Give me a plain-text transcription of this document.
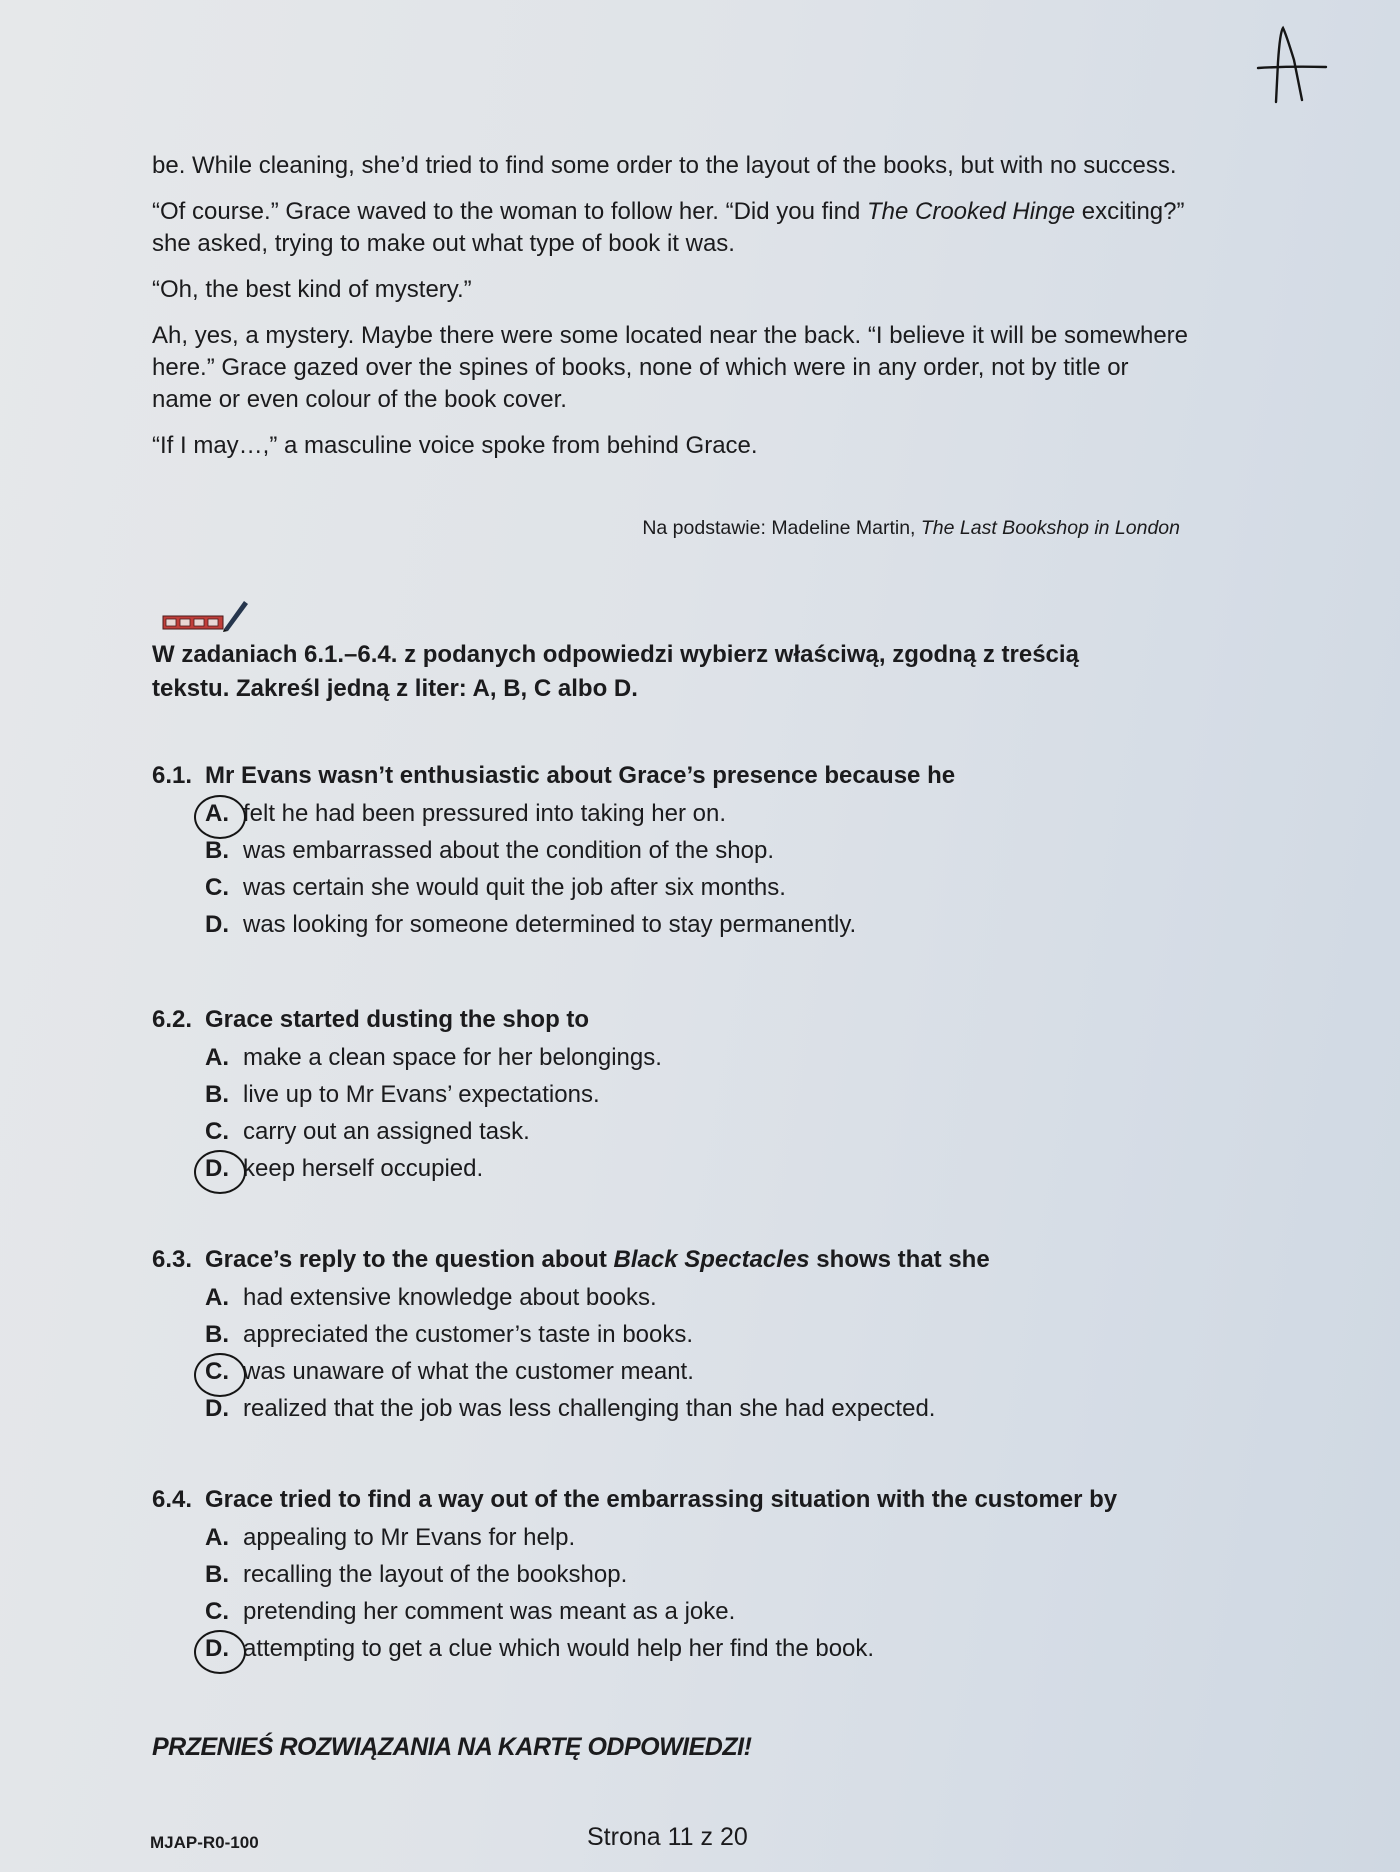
be. While cleaning, she’d tried to find some order to the layout of the books, but with no success.

“Of course.” Grace waved to the woman to follow her. “Did you find The Crooked Hinge exciting?” she asked, trying to make out what type of book it was.

“Oh, the best kind of mystery.”

Ah, yes, a mystery. Maybe there were some located near the back. “I believe it will be somewhere here.” Grace gazed over the spines of books, none of which were in any order, not by title or name or even colour of the book cover.

“If I may…,” a masculine voice spoke from behind Grace.

Na podstawie: Madeline Martin, The Last Bookshop in London
W zadaniach 6.1.–6.4. z podanych odpowiedzi wybierz właściwą, zgodną z treścią tekstu. Zakreśl jedną z liter: A, B, C albo D.
6.1. Mr Evans wasn’t enthusiastic about Grace’s presence because he
A. felt he had been pressured into taking her on.
B. was embarrassed about the condition of the shop.
C. was certain she would quit the job after six months.
D. was looking for someone determined to stay permanently.
6.2. Grace started dusting the shop to
A. make a clean space for her belongings.
B. live up to Mr Evans’ expectations.
C. carry out an assigned task.
D. keep herself occupied.
6.3. Grace’s reply to the question about Black Spectacles shows that she
A. had extensive knowledge about books.
B. appreciated the customer’s taste in books.
C. was unaware of what the customer meant.
D. realized that the job was less challenging than she had expected.
6.4. Grace tried to find a way out of the embarrassing situation with the customer by
A. appealing to Mr Evans for help.
B. recalling the layout of the bookshop.
C. pretending her comment was meant as a joke.
D. attempting to get a clue which would help her find the book.
PRZENIEŚ ROZWIĄZANIA NA KARTĘ ODPOWIEDZI!
MJAP-R0-100	Strona 11 z 20
